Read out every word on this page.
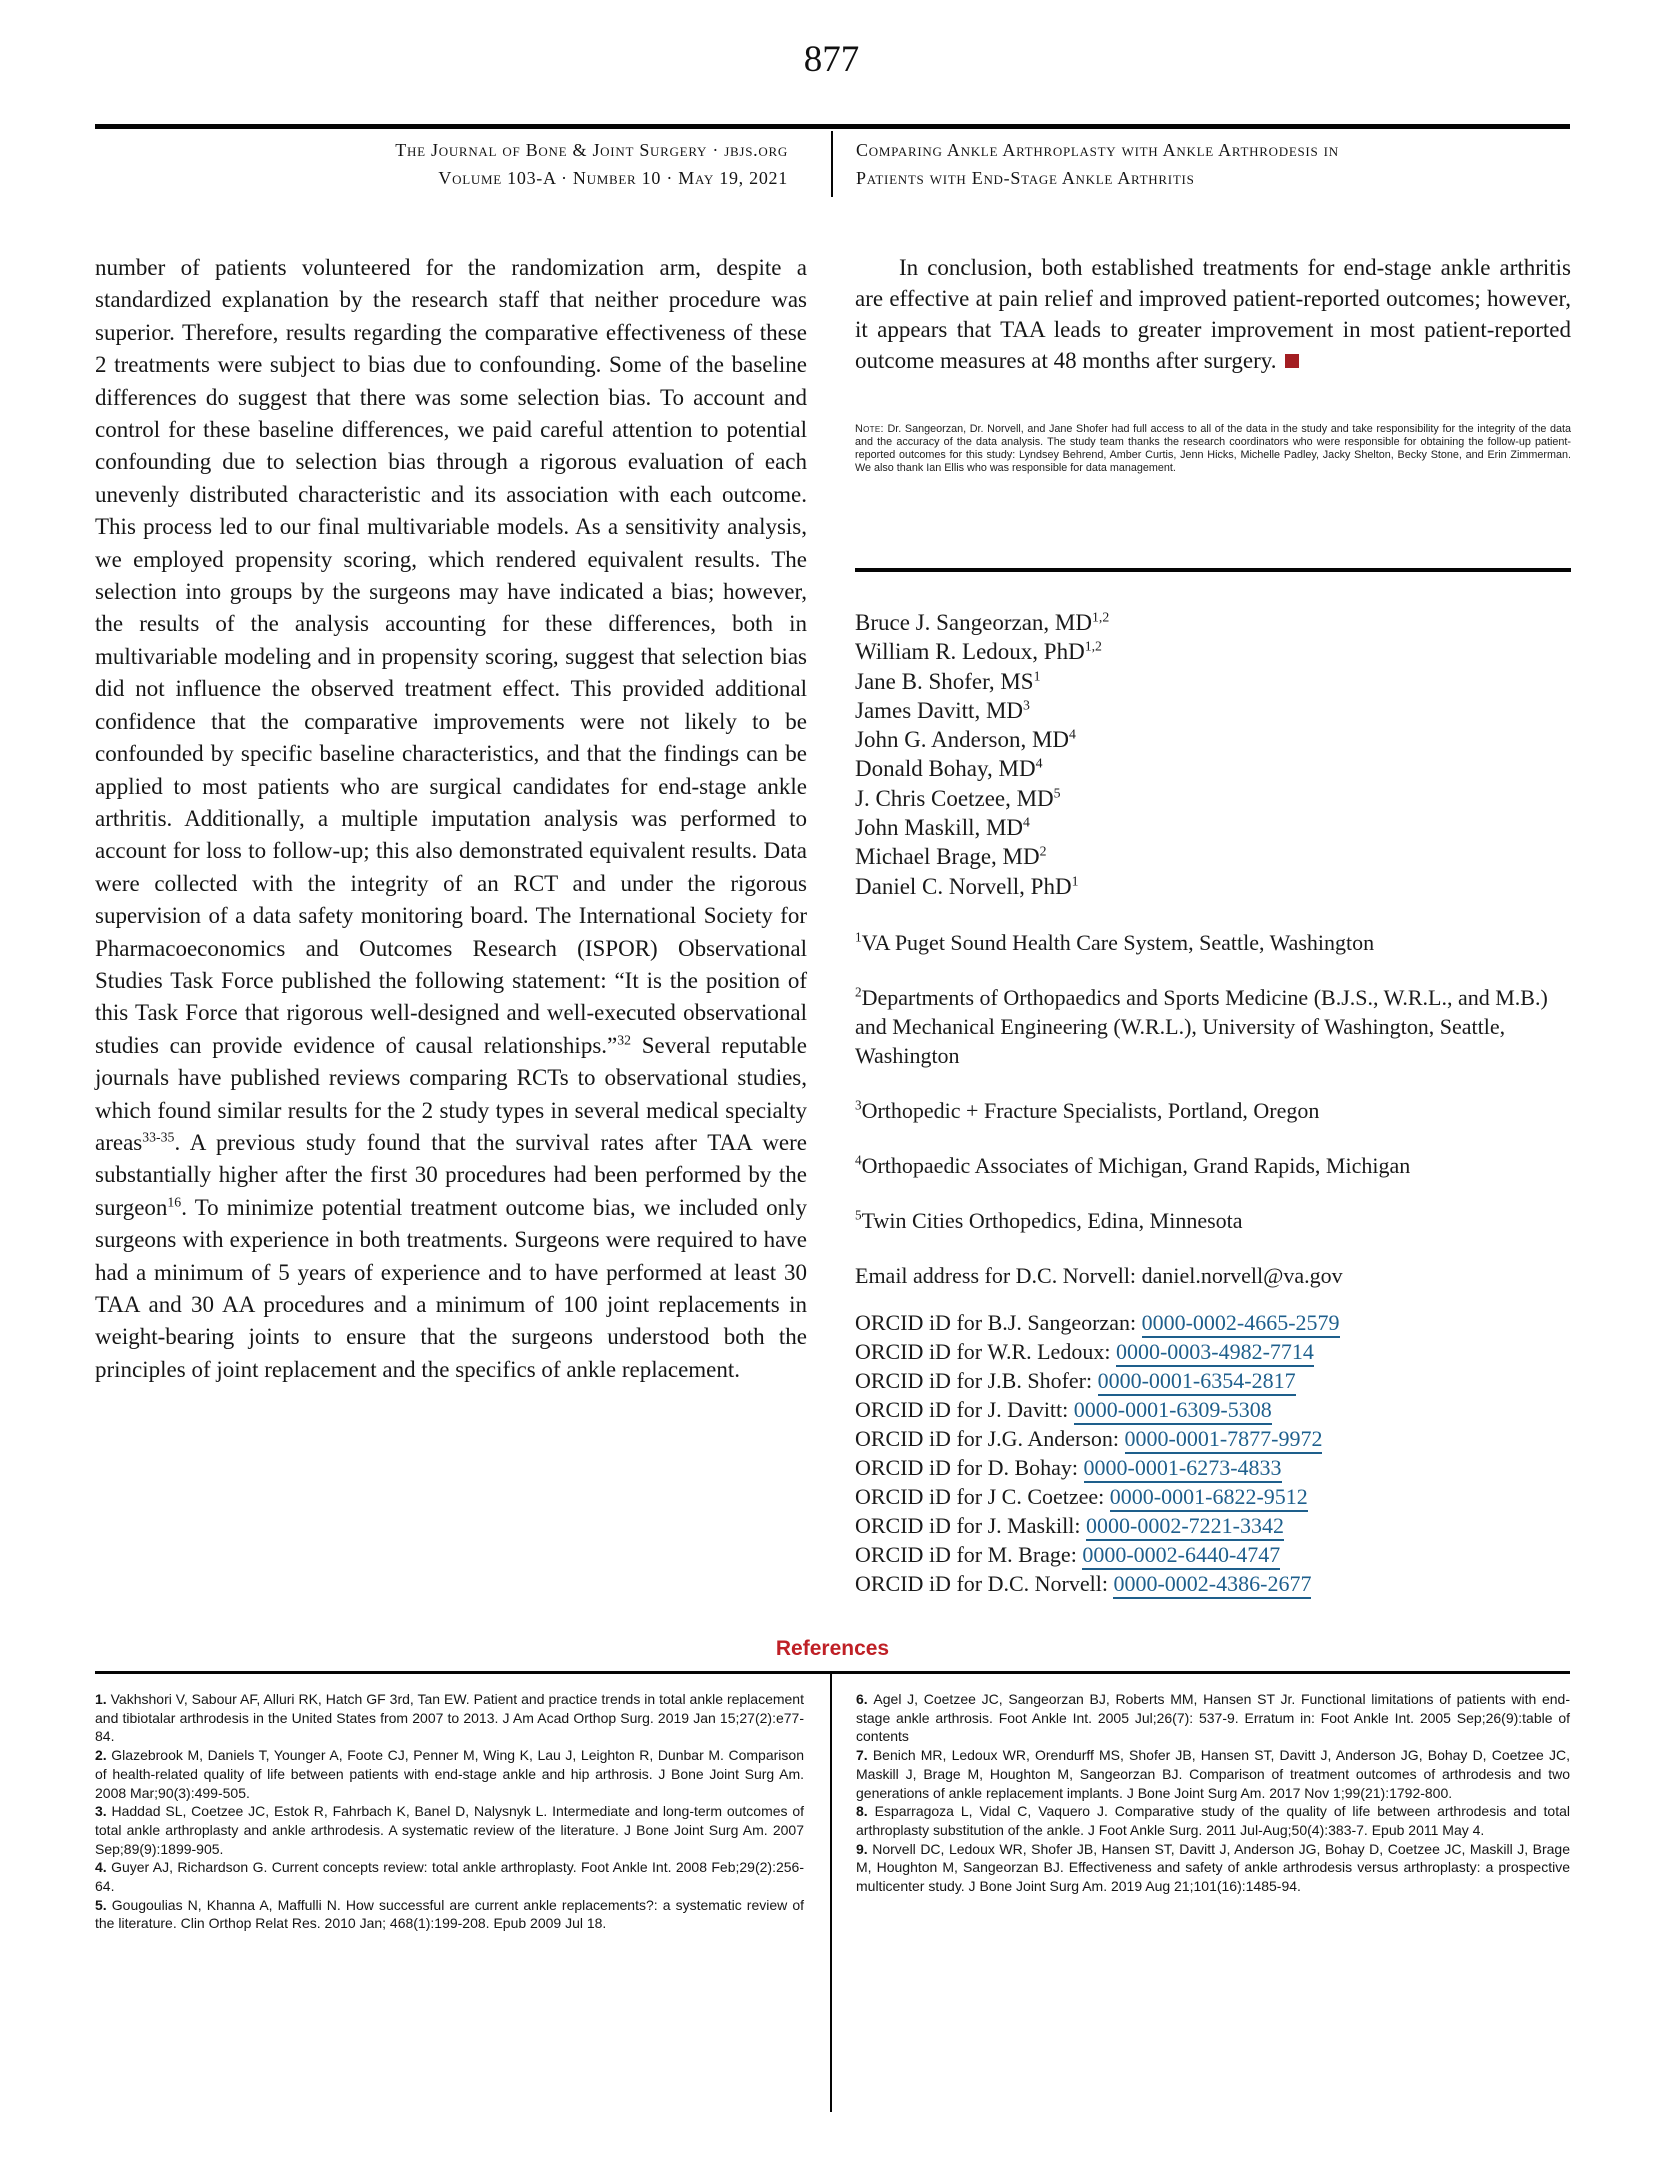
877
The Journal of Bone & Joint Surgery · jbjs.org
Volume 103-A · Number 10 · May 19, 2021
Comparing Ankle Arthroplasty with Ankle Arthrodesis in
Patients with End-Stage Ankle Arthritis

number of patients volunteered for the randomization arm, despite a standardized explanation by the research staff that neither procedure was superior. Therefore, results regarding the comparative effectiveness of these 2 treatments were subject to bias due to confounding. Some of the baseline differences do suggest that there was some selection bias. To account and control for these baseline differences, we paid careful attention to potential confounding due to selection bias through a rigorous evaluation of each unevenly distributed characteristic and its association with each outcome. This process led to our final multivariable models. As a sensitivity analysis, we employed propensity scoring, which rendered equivalent results. The selection into groups by the surgeons may have indicated a bias; however, the results of the analysis accounting for these differences, both in multivariable modeling and in propensity scoring, suggest that selection bias did not influence the observed treatment effect. This provided additional confidence that the comparative improvements were not likely to be confounded by specific baseline characteristics, and that the findings can be applied to most patients who are surgical candidates for end-stage ankle arthritis. Additionally, a multiple imputation analysis was performed to account for loss to follow-up; this also demonstrated equivalent results. Data were collected with the integrity of an RCT and under the rigorous supervision of a data safety monitoring board. The International Society for Pharmacoeconomics and Outcomes Research (ISPOR) Observational Studies Task Force published the following statement: “It is the position of this Task Force that rigorous well-designed and well-executed observational studies can provide evidence of causal relationships.”$^{32}$ Several reputable journals have published reviews comparing RCTs to observational studies, which found similar results for the 2 study types in several medical specialty areas$^{33-35}$. A previous study found that the survival rates after TAA were substantially higher after the first 30 procedures had been performed by the surgeon$^{16}$. To minimize potential treatment outcome bias, we included only surgeons with experience in both treatments. Surgeons were required to have had a minimum of 5 years of experience and to have performed at least 30 TAA and 30 AA procedures and a minimum of 100 joint replacements in weight-bearing joints to ensure that the surgeons understood both the principles of joint replacement and the specifics of ankle replacement.

In conclusion, both established treatments for end-stage ankle arthritis are effective at pain relief and improved patient-reported outcomes; however, it appears that TAA leads to greater improvement in most patient-reported outcome measures at 48 months after surgery.

Note: Dr. Sangeorzan, Dr. Norvell, and Jane Shofer had full access to all of the data in the study and take responsibility for the integrity of the data and the accuracy of the data analysis. The study team thanks the research coordinators who were responsible for obtaining the follow-up patient-reported outcomes for this study: Lyndsey Behrend, Amber Curtis, Jenn Hicks, Michelle Padley, Jacky Shelton, Becky Stone, and Erin Zimmerman. We also thank Ian Ellis who was responsible for data management.

Bruce J. Sangeorzan, MD$^{1,2}$
William R. Ledoux, PhD$^{1,2}$
Jane B. Shofer, $MS^1$
James Davitt, $MD^3$
John G. Anderson, $MD^4$
Donald Bohay, $MD^4$
J. Chris Coetzee, $MD^5$
John Maskill, $MD^4$
Michael Brage, $MD^2$
Daniel C. Norvell, PhD$^1$

$^1$VA Puget Sound Health Care System, Seattle, Washington

$^2$Departments of Orthopaedics and Sports Medicine (B.J.S., W.R.L., and M.B.) and Mechanical Engineering (W.R.L.), University of Washington, Seattle, Washington

$^3$Orthopedic + Fracture Specialists, Portland, Oregon

$^4$Orthopaedic Associates of Michigan, Grand Rapids, Michigan

$^5$Twin Cities Orthopedics, Edina, Minnesota

Email address for D.C. Norvell: daniel.norvell@va.gov

ORCID iD for B.J. Sangeorzan: 0000-0002-4665-2579

ORCID iD for W.R. Ledoux: 0000-0003-4982-7714

ORCID iD for J.B. Shofer: 0000-0001-6354-2817

ORCID iD for J. Davitt: 0000-0001-6309-5308

ORCID iD for J.G. Anderson: 0000-0001-7877-9972

ORCID iD for D. Bohay: 0000-0001-6273-4833

ORCID iD for J C. Coetzee: 0000-0001-6822-9512

ORCID iD for J. Maskill: 0000-0002-7221-3342

ORCID iD for M. Brage: 0000-0002-6440-4747

ORCID iD for D.C. Norvell: 0000-0002-4386-2677

References

1. Vakhshori V, Sabour AF, Alluri RK, Hatch GF 3rd, Tan EW. Patient and practice trends in total ankle replacement and tibiotalar arthrodesis in the United States from 2007 to 2013. J Am Acad Orthop Surg. 2019 Jan 15;27(2):e77-84.

2. Glazebrook M, Daniels T, Younger A, Foote CJ, Penner M, Wing K, Lau J, Leighton R, Dunbar M. Comparison of health-related quality of life between patients with end-stage ankle and hip arthrosis. J Bone Joint Surg Am. 2008 Mar;90(3):499-505.

3. Haddad SL, Coetzee JC, Estok R, Fahrbach K, Banel D, Nalysnyk L. Intermediate and long-term outcomes of total ankle arthroplasty and ankle arthrodesis. A systematic review of the literature. J Bone Joint Surg Am. 2007 Sep;89(9):1899-905.

4. Guyer AJ, Richardson G. Current concepts review: total ankle arthroplasty. Foot Ankle Int. 2008 Feb;29(2):256-64.

5. Gougoulias N, Khanna A, Maffulli N. How successful are current ankle replacements?: a systematic review of the literature. Clin Orthop Relat Res. 2010 Jan; 468(1):199-208. Epub 2009 Jul 18.

6. Agel J, Coetzee JC, Sangeorzan BJ, Roberts MM, Hansen ST Jr. Functional limitations of patients with end-stage ankle arthrosis. Foot Ankle Int. 2005 Jul;26(7): 537-9. Erratum in: Foot Ankle Int. 2005 Sep;26(9):table of contents

7. Benich MR, Ledoux WR, Orendurff MS, Shofer JB, Hansen ST, Davitt J, Anderson JG, Bohay D, Coetzee JC, Maskill J, Brage M, Houghton M, Sangeorzan BJ. Comparison of treatment outcomes of arthrodesis and two generations of ankle replacement implants. J Bone Joint Surg Am. 2017 Nov 1;99(21):1792-800.

8. Esparragoza L, Vidal C, Vaquero J. Comparative study of the quality of life between arthrodesis and total arthroplasty substitution of the ankle. J Foot Ankle Surg. 2011 Jul-Aug;50(4):383-7. Epub 2011 May 4.

9. Norvell DC, Ledoux WR, Shofer JB, Hansen ST, Davitt J, Anderson JG, Bohay D, Coetzee JC, Maskill J, Brage M, Houghton M, Sangeorzan BJ. Effectiveness and safety of ankle arthrodesis versus arthroplasty: a prospective multicenter study. J Bone Joint Surg Am. 2019 Aug 21;101(16):1485-94.
